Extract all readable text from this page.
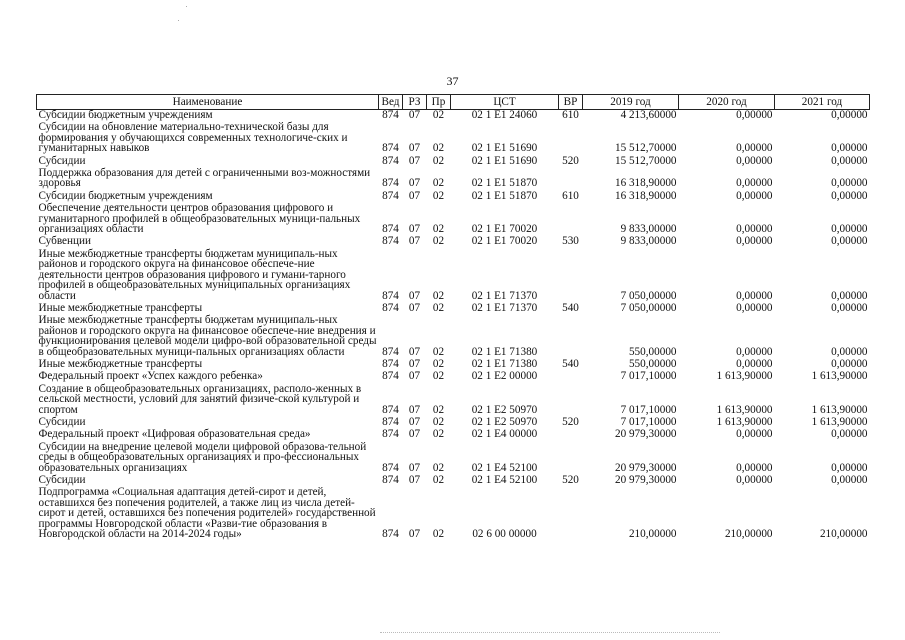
37
Наименование	Вед	РЗ	Пр	ЦСТ	ВР	2019 год	2020 год	2021 год
Субсидии бюджетным учреждениям	874	07	02	02 1 Е1 24060	610	4 213,60000	0,00000	0,00000
Субсидии на обновление материально-технической базы для формирования у обучающихся современных технологиче-ских и гуманитарных навыков	874	07	02	02 1 Е1 51690		15 512,70000	0,00000	0,00000
Субсидии	874	07	02	02 1 Е1 51690	520	15 512,70000	0,00000	0,00000
Поддержка образования для детей с ограниченными воз-можностями здоровья	874	07	02	02 1 Е1 51870		16 318,90000	0,00000	0,00000
Субсидии бюджетным учреждениям	874	07	02	02 1 Е1 51870	610	16 318,90000	0,00000	0,00000
Обеспечение деятельности центров образования цифрового и гуманитарного профилей в общеобразовательных муници-пальных организациях области	874	07	02	02 1 Е1 70020		9 833,00000	0,00000	0,00000
Субвенции	874	07	02	02 1 Е1 70020	530	9 833,00000	0,00000	0,00000
Иные межбюджетные трансферты бюджетам муниципаль-ных районов и городского округа на финансовое обеспече-ние деятельности центров образования цифрового и гумани-тарного профилей в общеобразовательных муниципальных организациях области	874	07	02	02 1 Е1 71370		7 050,00000	0,00000	0,00000
Иные межбюджетные трансферты	874	07	02	02 1 Е1 71370	540	7 050,00000	0,00000	0,00000
Иные межбюджетные трансферты бюджетам муниципаль-ных районов и городского округа на финансовое обеспече-ние внедрения и функционирования целевой модели цифро-вой образовательной среды в общеобразовательных муници-пальных организациях области	874	07	02	02 1 Е1 71380		550,00000	0,00000	0,00000
Иные межбюджетные трансферты	874	07	02	02 1 Е1 71380	540	550,00000	0,00000	0,00000
Федеральный проект «Успех каждого ребенка»	874	07	02	02 1 Е2 00000		7 017,10000	1 613,90000	1 613,90000
Создание в общеобразовательных организациях, располо-женных в сельской местности, условий для занятий физиче-ской культурой и спортом	874	07	02	02 1 Е2 50970		7 017,10000	1 613,90000	1 613,90000
Субсидии	874	07	02	02 1 Е2 50970	520	7 017,10000	1 613,90000	1 613,90000
Федеральный проект «Цифровая образовательная среда»	874	07	02	02 1 Е4 00000		20 979,30000	0,00000	0,00000
Субсидии на внедрение целевой модели цифровой образова-тельной среды в общеобразовательных организациях и про-фессиональных образовательных организациях	874	07	02	02 1 Е4 52100		20 979,30000	0,00000	0,00000
Субсидии	874	07	02	02 1 Е4 52100	520	20 979,30000	0,00000	0,00000
Подпрограмма «Социальная адаптация детей-сирот и детей, оставшихся без попечения родителей, а также лиц из числа детей-сирот и детей, оставшихся без попечения родителей» государственной программы Новгородской области «Разви-тие образования в Новгородской области на 2014-2024 годы»	874	07	02	02 6 00 00000		210,00000	210,00000	210,00000
